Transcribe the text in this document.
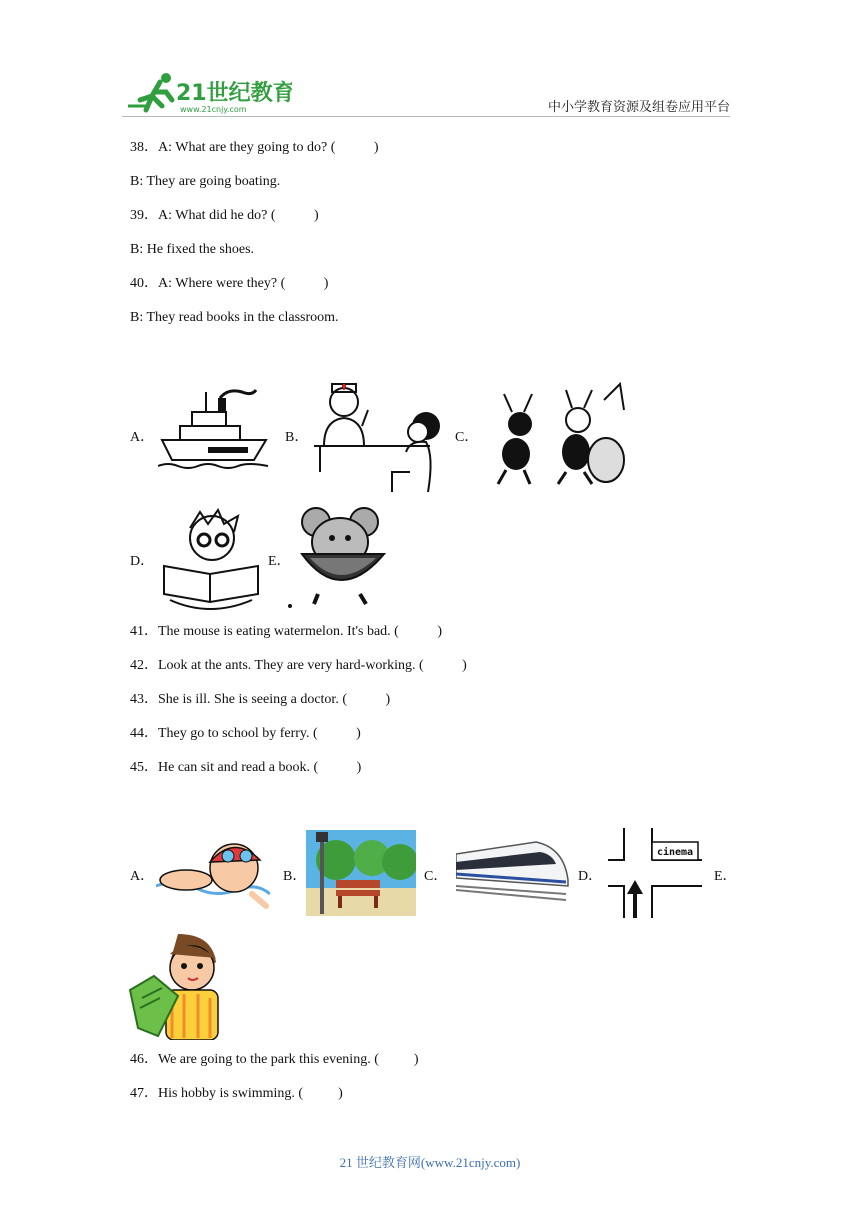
21世纪教育
www.21cnjy.com	中小学教育资源及组卷应用平台
38．A: What are they going to do? (           )
B: They are going boating.
39．A: What did he do? (           )
B: He fixed the shoes.
40．A: Where were they? (           )
B: They read books in the classroom.
A．	B．	C．
D．	E．
41．The mouse is eating watermelon. It's bad. (           )
42．Look at the ants. They are very hard-working. (           )
43．She is ill. She is seeing a doctor. (           )
44．They go to school by ferry. (           )
45．He can sit and read a book. (           )
A．	B．	C．	D．
cinema
E．
46．We are going to the park this evening. (          )
47．His hobby is swimming. (          )
21 世纪教育网(www.21cnjy.com)
